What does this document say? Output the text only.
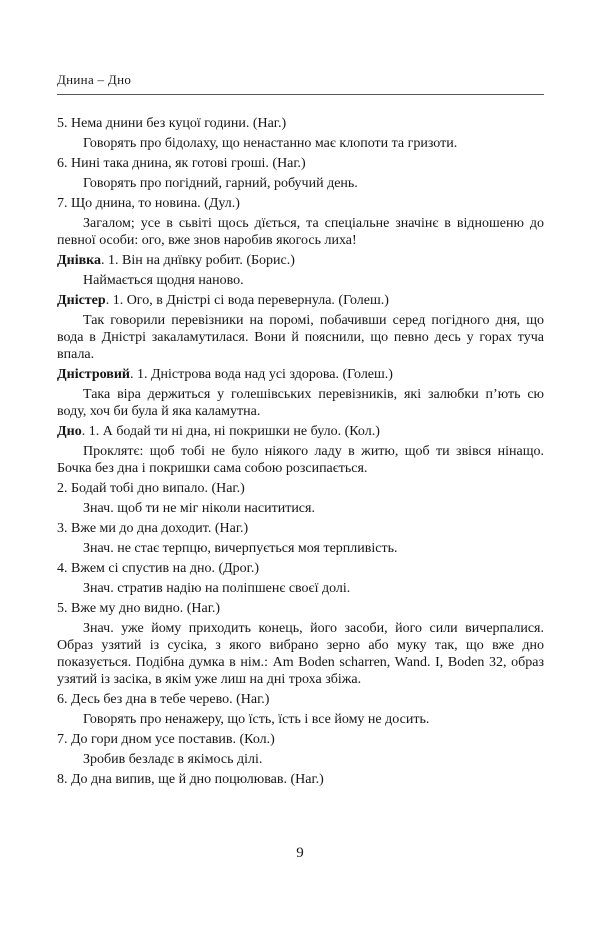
Днина – Дно

5. Нема днини без куцої години. (Наг.)

Говорять про бідолаху, що ненастанно має клопоти та гризоти.

6. Нині така днина, як готові гроші. (Наг.)

Говорять про погідний, гарний, робучий день.

7. Що днина, то новина. (Дул.)

Загалом; усе в сьвіті щось дїється, та спеціальне значінє в відношеню до певної особи: ого, вже знов наробив якогось лиха!

Днівка. 1. Він на днївку робит. (Борис.)

Наймається щодня наново.

Дністер. 1. Ого, в Дністрі сі вода перевернула. (Голеш.)

Так говорили перевізники на поромі, побачивши серед погідного дня, що вода в Дністрі закаламутилася. Вони й пояснили, що певно десь у горах туча впала.

Дністровий. 1. Дністрова вода над усі здорова. (Голеш.)

Така віра держиться у голешівських перевізників, які залюбки п’ють сю воду, хоч би була й яка каламутна.

Дно. 1. А бодай ти ні дна, ні покришки не було. (Кол.)

Проклятє: щоб тобі не було ніякого ладу в житю, щоб ти звівся нінащо. Бочка без дна і покришки сама собою розсипається.

2. Бодай тобі дно випало. (Наг.)

Знач. щоб ти не міг ніколи насититися.

3. Вже ми до дна доходит. (Наг.)

Знач. не стає терпцю, вичерпується моя терпливість.

4. Вжем сі спустив на дно. (Дрог.)

Знач. стратив надію на поліпшенє своєї долі.

5. Вже му дно видно. (Наг.)

Знач. уже йому приходить конець, його засоби, його сили вичерпалися. Образ узятий із сусіка, з якого вибрано зерно або муку так, що вже дно показується. Подібна думка в нім.: Am Boden scharren, Wand. I, Boden 32, образ узятий із засіка, в якім уже лиш на дні троха збіжа.

6. Десь без дна в тебе черево. (Наг.)

Говорять про ненажеру, що їсть, їсть і все йому не досить.

7. До гори дном усе поставив. (Кол.)

Зробив безладє в якімось ділі.

8. До дна випив, ще й дно поцюлював. (Наг.)

9
